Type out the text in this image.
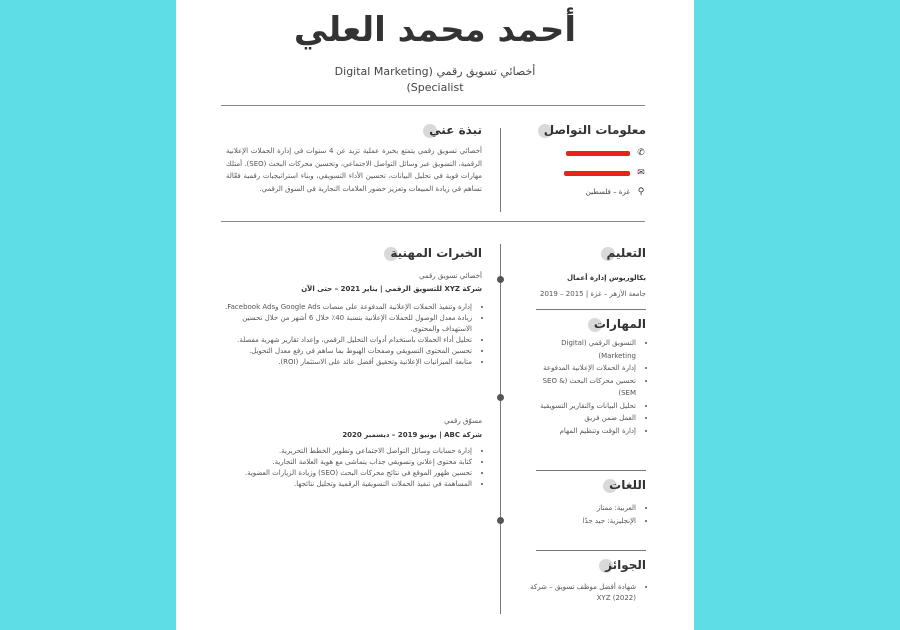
أحمد محمد العلي
أخصائي تسويق رقمي (Digital Marketing Specialist)
معلومات التواصل
✆
✉
⚲
غزة – فلسطين
نبذة عني
أخصائي تسويق رقمي يتمتع بخبرة عملية تزيد عن 4 سنوات في إدارة الحملات الإعلانية الرقمية، التسويق عبر وسائل التواصل الاجتماعي، وتحسين محركات البحث (SEO). أمتلك مهارات قوية في تحليل البيانات، تحسين الأداء التسويقي، وبناء استراتيجيات رقمية فعّالة تساهم في زيادة المبيعات وتعزيز حضور العلامات التجارية في السوق الرقمي.
التعليم
بكالوريوس إدارة أعمال
جامعة الأزهر – غزة | 2015 – 2019
المهارات
• التسويق الرقمي (Digital Marketing)
• إدارة الحملات الإعلانية المدفوعة
• تحسين محركات البحث (SEO & SEM)
• تحليل البيانات والتقارير التسويقية
• العمل ضمن فريق
• إدارة الوقت وتنظيم المهام
اللغات
• العربية: ممتاز
• الإنجليزية: جيد جدًا
الجوائز
• شهادة أفضل موظف تسويق – شركة XYZ (2022)
الخبرات المهنية
أخصائي تسويق رقمي
شركة XYZ للتسويق الرقمي | يناير 2021 – حتى الآن
• إدارة وتنفيذ الحملات الإعلانية المدفوعة على منصات Google Ads وFacebook Ads.
• زيادة معدل الوصول للحملات الإعلانية بنسبة 40٪ خلال 6 أشهر من خلال تحسين الاستهداف والمحتوى.
• تحليل أداء الحملات باستخدام أدوات التحليل الرقمي، وإعداد تقارير شهرية مفصلة.
• تحسين المحتوى التسويقي وصفحات الهبوط بما ساهم في رفع معدل التحويل.
• متابعة الميزانيات الإعلانية وتحقيق أفضل عائد على الاستثمار (ROI).
مسوّق رقمي
شركة ABC | يونيو 2019 – ديسمبر 2020
• إدارة حسابات وسائل التواصل الاجتماعي وتطوير الخطط التحريرية.
• كتابة محتوى إعلاني وتسويقي جذاب يتماشى مع هوية العلامة التجارية.
• تحسين ظهور الموقع في نتائج محركات البحث (SEO) وزيادة الزيارات العضوية.
• المساهمة في تنفيذ الحملات التسويقية الرقمية وتحليل نتائجها.
